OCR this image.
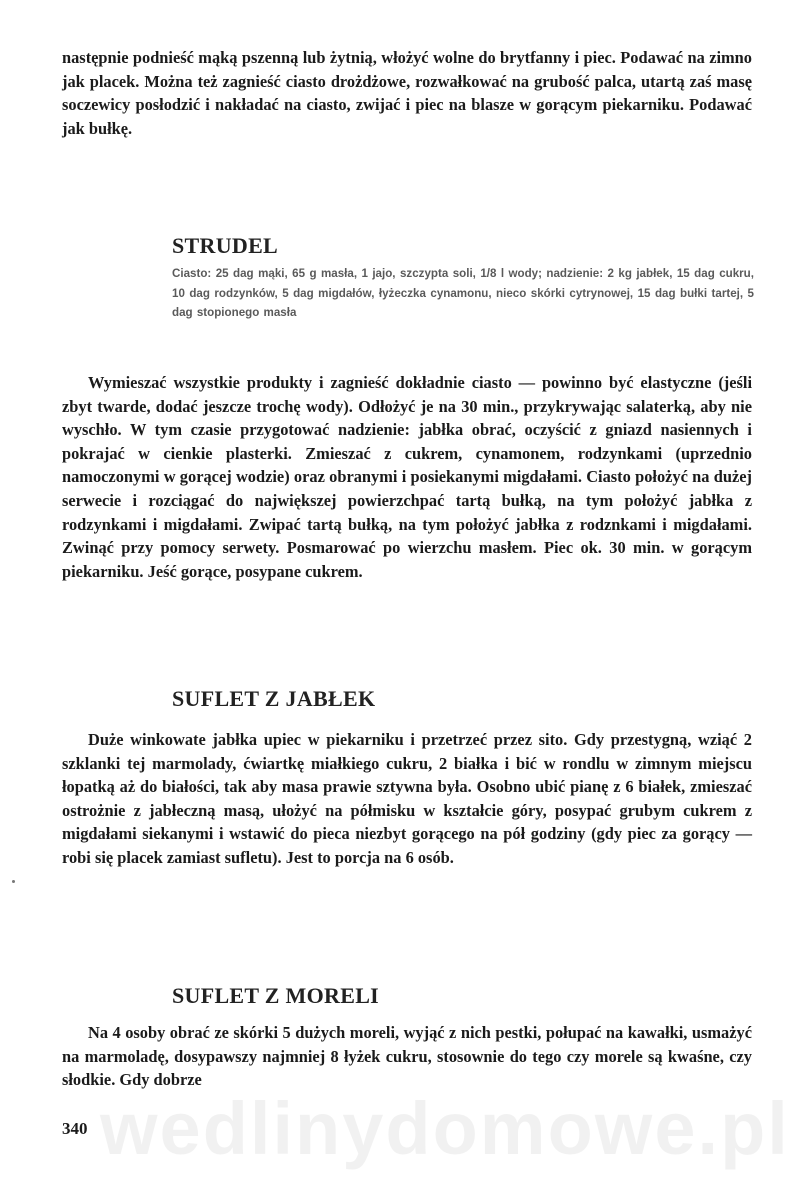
następnie podnieść mąką pszenną lub żytnią, włożyć wolne do brytfanny i piec. Podawać na zimno jak placek. Można też zagnieść ciasto drożdżowe, rozwałkować na grubość palca, utartą zaś masę soczewicy posłodzić i nakładać na ciasto, zwijać i piec na blasze w gorącym piekarniku. Podawać jak bułkę.

STRUDEL

Ciasto: 25 dag mąki, 65 g masła, 1 jajo, szczypta soli, 1/8 l wody; nadzienie: 2 kg jabłek, 15 dag cukru, 10 dag rodzynków, 5 dag migdałów, łyżeczka cynamonu, nieco skórki cytrynowej, 15 dag bułki tartej, 5 dag stopionego masła

Wymieszać wszystkie produkty i zagnieść dokładnie ciasto — powinno być elastyczne (jeśli zbyt twarde, dodać jeszcze trochę wody). Odłożyć je na 30 min., przykrywając salaterką, aby nie wyschło. W tym czasie przygotować nadzienie: jabłka obrać, oczyścić z gniazd nasiennych i pokrajać w cienkie plasterki. Zmieszać z cukrem, cynamonem, rodzynkami (uprzednio namoczonymi w gorącej wodzie) oraz obranymi i posiekanymi migdałami. Ciasto położyć na dużej serwecie i rozciągać do największej powierzchpać tartą bułką, na tym położyć jabłka z rodzynkami i migdałami. Zwipać tartą bułką, na tym położyć jabłka z rodznkami i migdałami. Zwinąć przy pomocy serwety. Posmarować po wierzchu masłem. Piec ok. 30 min. w gorącym piekarniku. Jeść gorące, posypane cukrem.

SUFLET Z JABŁEK

Duże winkowate jabłka upiec w piekarniku i przetrzeć przez sito. Gdy przestygną, wziąć 2 szklanki tej marmolady, ćwiartkę miałkiego cukru, 2 białka i bić w rondlu w zimnym miejscu łopatką aż do białości, tak aby masa prawie sztywna była. Osobno ubić pianę z 6 białek, zmieszać ostrożnie z jabłeczną masą, ułożyć na półmisku w kształcie góry, posypać grubym cukrem z migdałami siekanymi i wstawić do pieca niezbyt gorącego na pół godziny (gdy piec za gorący — robi się placek zamiast sufletu). Jest to porcja na 6 osób.

SUFLET Z MORELI

Na 4 osoby obrać ze skórki 5 dużych moreli, wyjąć z nich pestki, połupać na kawałki, usmażyć na marmoladę, dosypawszy najmniej 8 łyżek cukru, stosownie do tego czy morele są kwaśne, czy słodkie. Gdy dobrze

wedlinydomowe.pl

340
